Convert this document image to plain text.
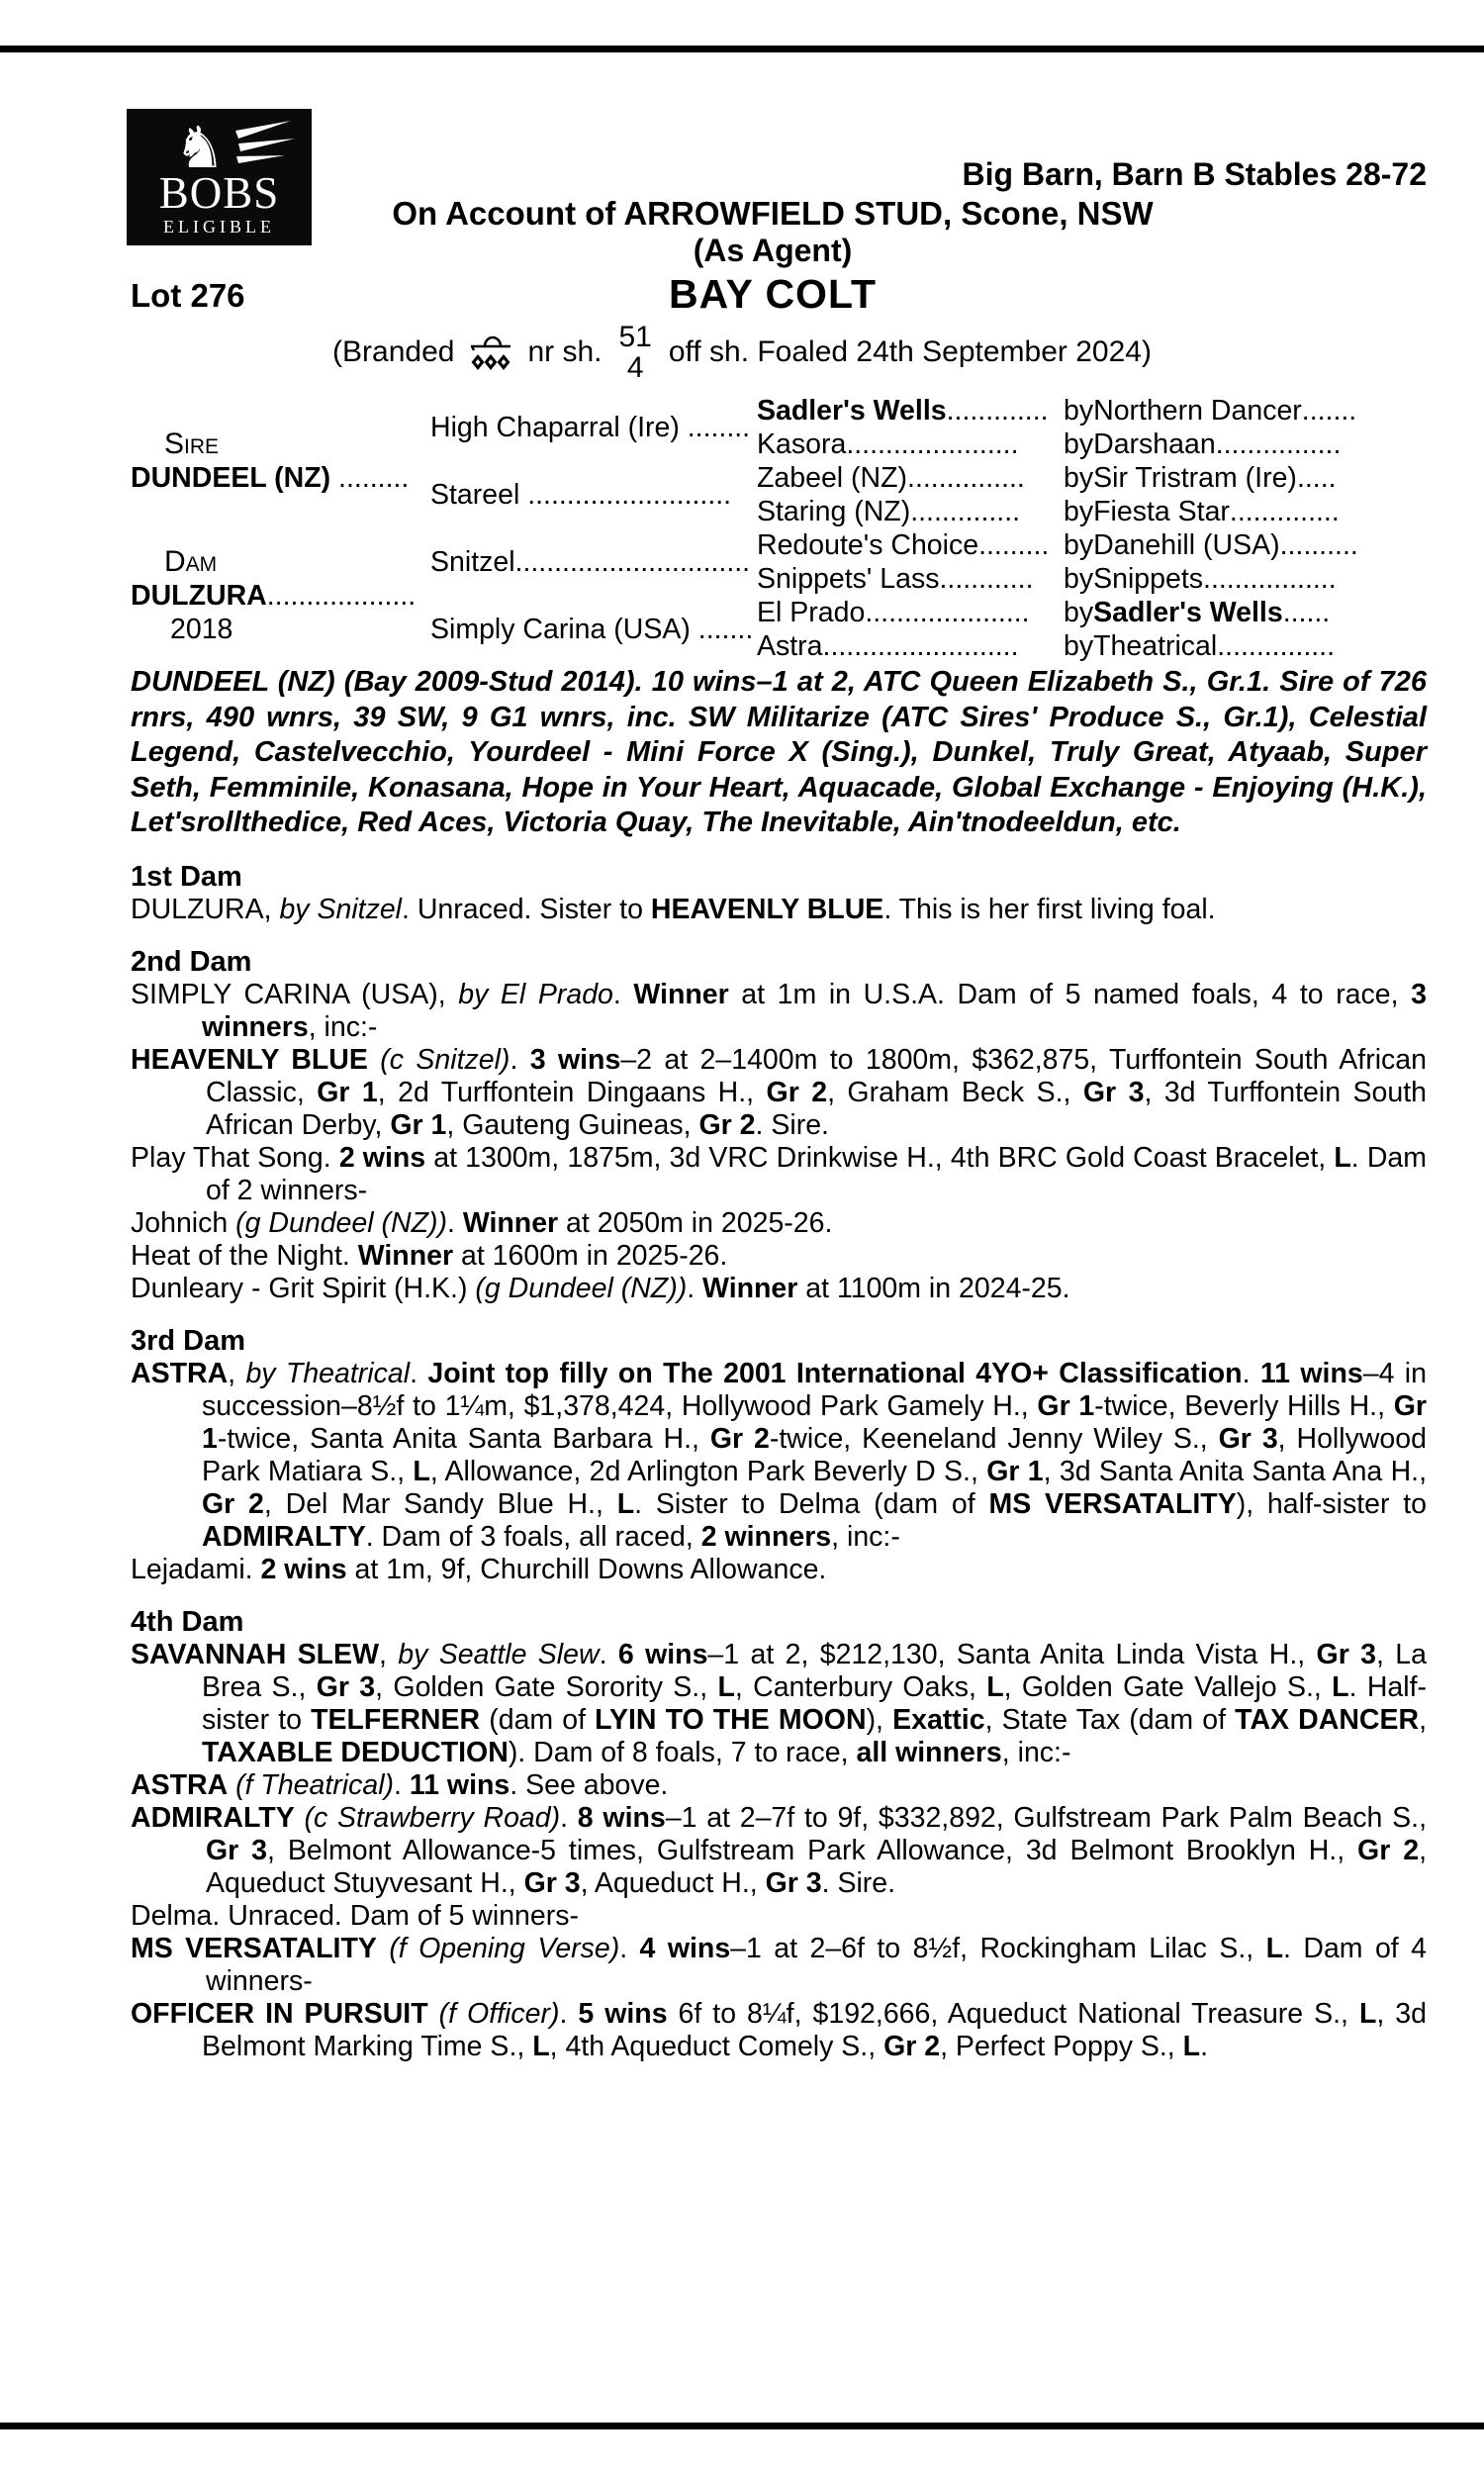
♞
BOBS
ELIGIBLE
Big Barn, Barn B Stables 28-72
On Account of ARROWFIELD STUD, Scone, NSW
(As Agent)
Lot 276	BAY COLT
(Branded nr sh. 51
4 off sh. Foaled 24th September 2024)
Sire
DUNDEEL (NZ) .........
Dam
DULZURA...................
2018
High Chaparral (Ire) ........
Stareel ..........................
Snitzel..............................
Simply Carina (USA) .......
Sadler's Wells ............. by Northern Dancer .......
Kasora ...................... by Darshaan ................
Zabeel (NZ) ............... by Sir Tristram (Ire) .....
Staring (NZ) .............. by Fiesta Star ..............
Redoute's Choice ......... by Danehill (USA) ..........
Snippets' Lass ............ by Snippets .................
El Prado ..................... by Sadler's Wells ......
Astra ......................... by Theatrical ...............

DUNDEEL (NZ) (Bay 2009-Stud 2014). 10 wins–1 at 2, ATC Queen Elizabeth S., Gr.1. Sire of 726 rnrs, 490 wnrs, 39 SW, 9 G1 wnrs, inc. SW Militarize (ATC Sires' Produce S., Gr.1), Celestial Legend, Castelvecchio, Yourdeel - Mini Force X (Sing.), Dunkel, Truly Great, Atyaab, Super Seth, Femminile, Konasana, Hope in Your Heart, Aquacade, Global Exchange - Enjoying (H.K.), Let'srollthedice, Red Aces, Victoria Quay, The Inevitable, Ain'tnodeeldun, etc.

1st Dam

DULZURA, by Snitzel. Unraced. Sister to HEAVENLY BLUE. This is her first living foal.

2nd Dam

SIMPLY CARINA (USA), by El Prado. Winner at 1m in U.S.A. Dam of 5 named foals, 4 to race, 3 winners, inc:-

HEAVENLY BLUE (c Snitzel). 3 wins–2 at 2–1400m to 1800m, $362,875, Turffontein South African Classic, Gr 1, 2d Turffontein Dingaans H., Gr 2, Graham Beck S., Gr 3, 3d Turffontein South African Derby, Gr 1, Gauteng Guineas, Gr 2. Sire.

Play That Song. 2 wins at 1300m, 1875m, 3d VRC Drinkwise H., 4th BRC Gold Coast Bracelet, L. Dam of 2 winners-

Johnich (g Dundeel (NZ)). Winner at 2050m in 2025-26.

Heat of the Night. Winner at 1600m in 2025-26.

Dunleary - Grit Spirit (H.K.) (g Dundeel (NZ)). Winner at 1100m in 2024-25.

3rd Dam

ASTRA, by Theatrical. Joint top filly on The 2001 International 4YO+ Classification. 11 wins–4 in succession–8½f to 1¼m, $1,378,424, Hollywood Park Gamely H., Gr 1-twice, Beverly Hills H., Gr 1-twice, Santa Anita Santa Barbara H., Gr 2-twice, Keeneland Jenny Wiley S., Gr 3, Hollywood Park Matiara S., L, Allowance, 2d Arlington Park Beverly D S., Gr 1, 3d Santa Anita Santa Ana H., Gr 2, Del Mar Sandy Blue H., L. Sister to Delma (dam of MS VERSATALITY), half-sister to ADMIRALTY. Dam of 3 foals, all raced, 2 winners, inc:-

Lejadami. 2 wins at 1m, 9f, Churchill Downs Allowance.

4th Dam

SAVANNAH SLEW, by Seattle Slew. 6 wins–1 at 2, $212,130, Santa Anita Linda Vista H., Gr 3, La Brea S., Gr 3, Golden Gate Sorority S., L, Canterbury Oaks, L, Golden Gate Vallejo S., L. Half-sister to TELFERNER (dam of LYIN TO THE MOON), Exattic, State Tax (dam of TAX DANCER, TAXABLE DEDUCTION). Dam of 8 foals, 7 to race, all winners, inc:-

ASTRA (f Theatrical). 11 wins. See above.

ADMIRALTY (c Strawberry Road). 8 wins–1 at 2–7f to 9f, $332,892, Gulfstream Park Palm Beach S., Gr 3, Belmont Allowance-5 times, Gulfstream Park Allowance, 3d Belmont Brooklyn H., Gr 2, Aqueduct Stuyvesant H., Gr 3, Aqueduct H., Gr 3. Sire.

Delma. Unraced. Dam of 5 winners-

MS VERSATALITY (f Opening Verse). 4 wins–1 at 2–6f to 8½f, Rockingham Lilac S., L. Dam of 4 winners-

OFFICER IN PURSUIT (f Officer). 5 wins 6f to 8¼f, $192,666, Aqueduct National Treasure S., L, 3d Belmont Marking Time S., L, 4th Aqueduct Comely S., Gr 2, Perfect Poppy S., L.
